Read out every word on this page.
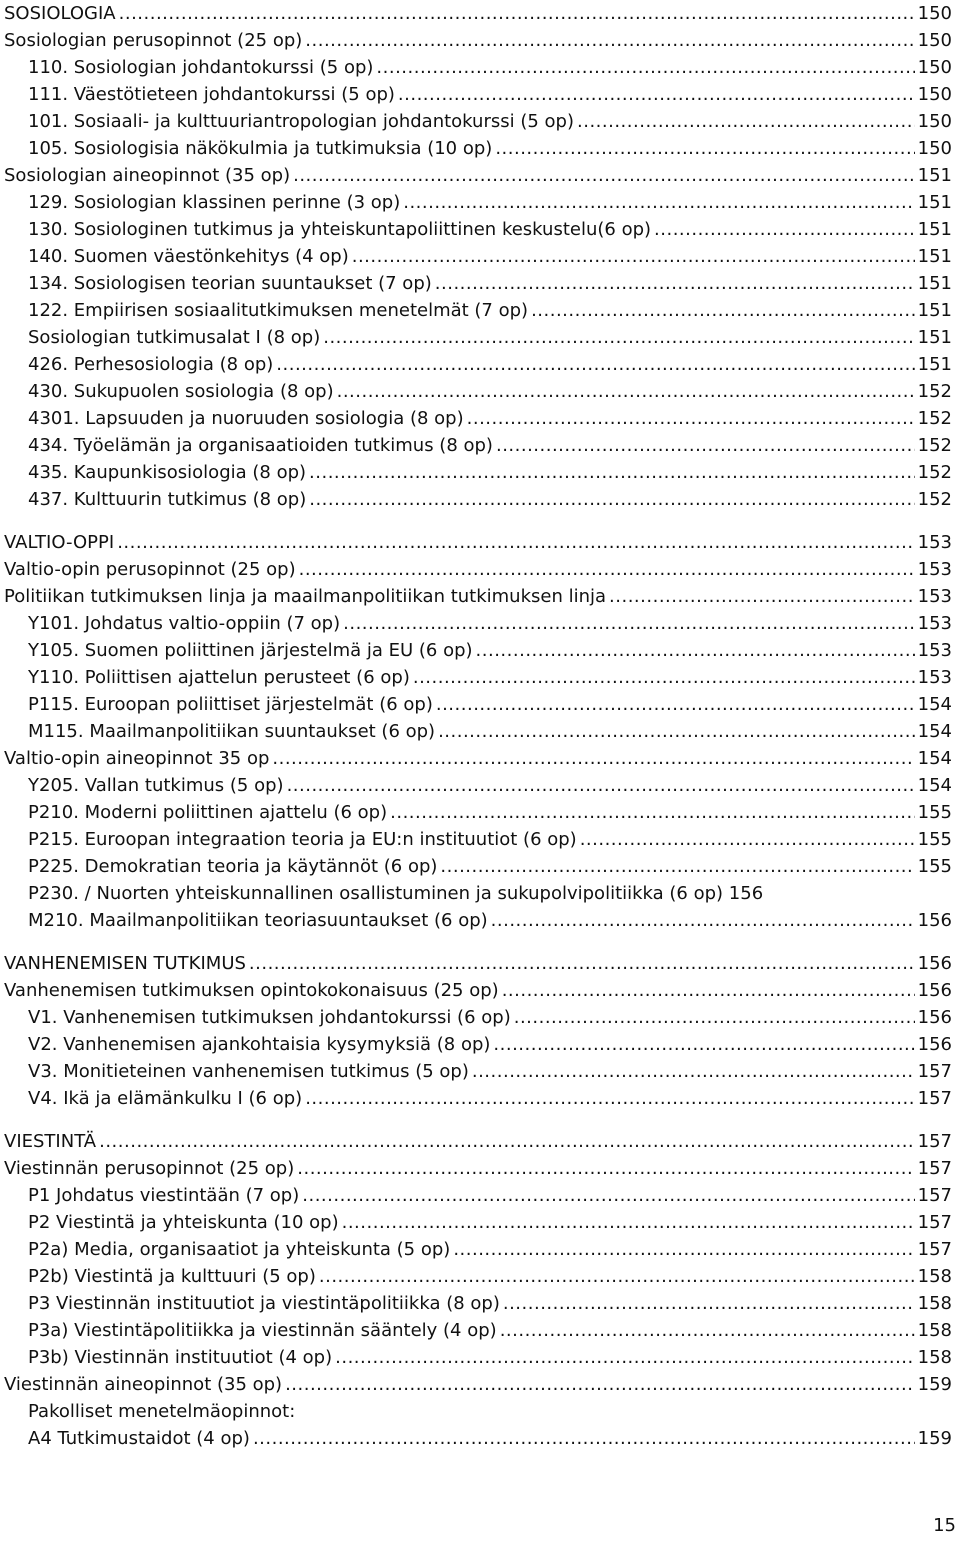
SOSIOLOGIA .....	150
Sosiologian perusopinnot (25 op) .....	150
110. Sosiologian johdantokurssi (5 op) .....	150
111. Väestötieteen johdantokurssi (5 op) .....	150
101. Sosiaali- ja kulttuuriantropologian johdantokurssi (5 op) .....	150
105. Sosiologisia näkökulmia ja tutkimuksia (10 op) .....	150
Sosiologian aineopinnot (35 op) .....	151
129. Sosiologian klassinen perinne (3 op) .....	151
130. Sosiologinen tutkimus ja yhteiskuntapoliittinen keskustelu(6 op) .....	151
140. Suomen väestönkehitys (4 op) .....	151
134. Sosiologisen teorian suuntaukset (7 op) .....	151
122. Empiirisen sosiaalitutkimuksen menetelmät (7 op) .....	151
Sosiologian tutkimusalat I (8 op) .....	151
426. Perhesosiologia (8 op) .....	151
430. Sukupuolen sosiologia (8 op) .....	152
4301. Lapsuuden ja nuoruuden sosiologia (8 op) .....	152
434. Työelämän ja organisaatioiden tutkimus (8 op) .....	152
435. Kaupunkisosiologia (8 op) .....	152
437. Kulttuurin tutkimus (8 op) .....	152
VALTIO-OPPI .....	153
Valtio-opin perusopinnot (25 op) .....	153
Politiikan tutkimuksen linja ja maailmanpolitiikan tutkimuksen linja .....	153
Y101. Johdatus valtio-oppiin (7 op) .....	153
Y105. Suomen poliittinen järjestelmä ja EU (6 op) .....	153
Y110. Poliittisen ajattelun perusteet (6 op) .....	153
P115. Euroopan poliittiset järjestelmät (6 op) .....	154
M115. Maailmanpolitiikan suuntaukset (6 op) .....	154
Valtio-opin aineopinnot 35 op .....	154
Y205. Vallan tutkimus (5 op) .....	154
P210. Moderni poliittinen ajattelu (6 op) .....	155
P215. Euroopan integraation teoria ja EU:n instituutiot (6 op) .....	155
P225. Demokratian teoria ja käytännöt (6 op) .....	155
P230. / Nuorten yhteiskunnallinen osallistuminen ja sukupolvipolitiikka (6 op) 156
M210. Maailmanpolitiikan teoriasuuntaukset (6 op) .....	156
VANHENEMISEN TUTKIMUS .....	156
Vanhenemisen tutkimuksen opintokokonaisuus (25 op) .....	156
V1. Vanhenemisen tutkimuksen johdantokurssi (6 op) .....	156
V2. Vanhenemisen ajankohtaisia kysymyksiä (8 op) .....	156
V3. Monitieteinen vanhenemisen tutkimus (5 op) .....	157
V4. Ikä ja elämänkulku I (6 op) .....	157
VIESTINTÄ .....	157
Viestinnän perusopinnot (25 op) .....	157
P1 Johdatus viestintään (7 op) .....	157
P2 Viestintä ja yhteiskunta (10 op) .....	157
P2a) Media, organisaatiot ja yhteiskunta (5 op) .....	157
P2b) Viestintä ja kulttuuri (5 op) .....	158
P3 Viestinnän instituutiot ja viestintäpolitiikka (8 op) .....	158
P3a) Viestintäpolitiikka ja viestinnän sääntely (4 op) .....	158
P3b) Viestinnän instituutiot (4 op) .....	158
Viestinnän aineopinnot (35 op) .....	159
Pakolliset menetelmäopinnot:
A4 Tutkimustaidot (4 op) .....	159
15
